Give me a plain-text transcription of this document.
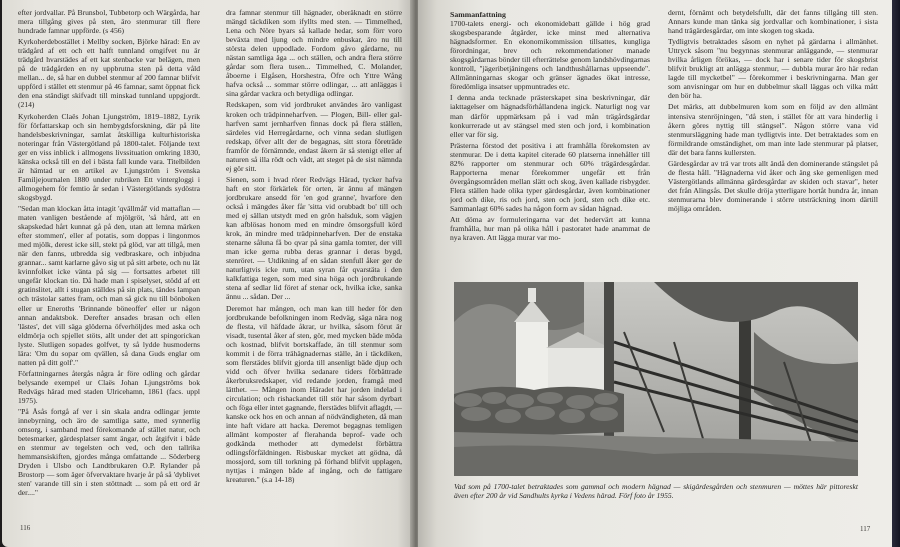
efter jordvallar. På Brunsbol, Tubbetorp och Wärgårda, har mera tillgång gives på sten, äro stenmurar till flere hundrade famnar uppförde. (s 456)

Kyrkoherdebostället i Mellby socken, Björke härad: En av trädgård af ett och ett halft tunnland omgifvet nu är trädgård hvarstädes af ett kat stenbacke var belägen, men på de trädgården en ny uppbrutna sten på detta våld mellan... de, så har en dubbel stenmur af 200 famnar blifvit uppförd i stället ett stenmur på 46 famnar, samt öppnat fick den ena ständigt skifvadt till minskad tunnland uppgjordt.(214)

Kyrkoherden Claës Johan Ljungström, 1819–1882, Lyrik för författarskap och sin hembygdsforskning, där på lite handelsbeskrivningar, samlat åtskilliga kulturhistoriska noteringar från Västergötland på 1800-talet. Följande text ger en viss inblick i allmogens livssituation omkring 1830, känska också till en del i bästa fall kunde vara. Titelbilden är hämtad ur en artikel av Ljungström i Svenska Familjejournalen 1880 under rubriken Ett vintergloggi i allmogehem för femtio år sedan i Västergötlands sydöstra skogsbygd.

"Sedan man klockan åtta intagit 'qvällmål' vid mattaflan — maten vanligen bestående af mjölgröt, 'så hård, att en skapskedad hårt kunnat gå på den, utan att lemna märken efter stommen', eller af potatis, som doppas i lingonmos med mjölk, derest icke sill, stekt på glöd, var att tillgå, men när den fanns, utbredda sig vedbraskare, och inbjudna grannar... samt karlarne gåvo sig ut på sitt arbete, och nu lät kvinnfolket icke vänta på sig — fortsattes arbetet till ungefär klockan tio. Då hade man i spiselyset, stödd af ett gratinslitet, allt i stugan ställdes på sin plats, tändes lampan och trästolar sattes fram, och man så gick nu till bönboken eller ur Eneroths 'Brinnande böneoffer' eller ur någon annan andaktsbok. Derefter ansades brasan och ellen 'lästes', det vill säga glöderna öfverhöljdes med aska och eldmörja och spjellet stöts, allt under det att spingorickan lyste. Slutligen sopades golfvet, ty så lydde husmoderns lära: 'Om du sopar om qvällen, så dana Guds englar om natten på ditt golf'."

Författningarnes återgås några år före odling och gårdar belysande exempel ur Claës Johan Ljungströms bok Redvägs härad med staden Ulricehamn, 1861 (facs. uppl 1975).

"På Åsås fortgå af ver i sin skala andra odlingar jemte innebyrning, och äro de samtliga satte, med synnerlig omsorg, i samband med förekomande af stället natur, och betesmarker, gärdesplatser samt ängar, och åtgifvit i både en stenmur av tegelsten och ved, och den tallrika hemmansiskiften, gjordes många omfattande ... Söderberg Dryden i Ulsbo och Landtbrukaren O.P. Rylander på Brostorp — som äger öfvervaktare hvarje år på så 'dyblivet sten' varande till sin i sten stöttnadt ... som på ett ord är der...."

dra famnar stenmur till hägnader, oberäknadt en större mängd täckdiken som ifyllts med sten. — Timmelhed, Lena och Nöre byars så kallade hedar, som förr voro beväxta med ljung och mindre enbuskar, äro nu till största delen uppodlade. Fordom gåvo gårdarne, nu nästan samtliga äga ... och ställen, och andra flera större gårdar som flera tusen... Timmelhed, C. Molander, åboerne i Elgåsen, Horshestra, Öfre och Yttre Wång hafva också ... sommar större odlingar, ... att anläggas i sina gårdar vackra och betydliga odlingar.

Redskapen, som vid jordbruket användes äro vanligast kroken och trädpinneharfven. — Plogen, Bill- eller gal- harfven samt jernharfven finnas dock på flera ställen, särdeles vid Herregårdarne, och vinna sedan slutligen redskap, öfver allt der de begagnas, sitt stora företräde framför de förnämnde, endast åkern är så stenigt eller af naturen så illa rödt och vådt, att steget på de sist nämnda ej gör sitt.

Sienen, som i hvad rörer Redvägs Härad, tycker hafva haft en stor förkärlek för orten, är ännu af mängen jordbrukare ansedd för 'en god granne', hvarfore den också i mängdes åker får 'sitta vid orubbadt bo' till och med ej sällan utstydt med en grön halsduk, som vägjen kan afblösas honom med en mindre ömsorgsfull körd krok, än mindre med trädpinneharfven. Der de enstaka stenarne såluna få bo qvar på sina gamla tomter, der vill man icke gerna rubba deras grannar i deras bygd, stenröret. — Utdikning af en sådan stenfull åker ger de naturligtvis icke rum, utan syran får qvarstäta i den kalkfattiga tegen, som med sina höga och jordbrukande stena af sedlar lid föret af stenar ock, hvilka icke, sanka ännu ... sådan. Der ...

Deremot har mången, och man kan till heder för den jordbrukande befolkningen inom Redväg, säga nära nog de flesta, vil häfdade åkrar, ur hvilka, såsom förut är visadt, tusental åker af sten, gör, med mycken bäde möda och kostnad, blifvit bortskaffade, än till stenmur som kommit i de förra trähägnadernas ställe, än i täckdiken, som flerstädes blifvit gjorda till ansenligt bäde djup och vidd och öfver hvilka sedanare tiders förbättrade åkerbruksredskaper, vid redande jorden, framgå med lätthet. — Mången inom Häradet har jorden indelad i circulation; och rishackandet till stör har såsom dyrbart och föga eller intet gagnande, flerstädes blifvit aflagdt, — kanske ock hos en och annan af nödvändigheten, då man inte haft vidare att hacka. Deremot begagnas temligen allmänt komposter af flerahanda beprof- vade och godkända methoder att dymedelst förbättra odlingsförfäldningen. Risbuskar mycket att gödna, då mossjord, som till torkning på förhand blifvit upplagen, nyttjas i mängen både af ingång, och de fattigare kreaturen." (s.a 14-18)

116
Sammanfattning

1700-talets energi- och ekonomidebatt gällde i hög grad skogsbesparande åtgärder, icke minst med alternativa hägnadsformer. En ekonomikommission tillsattes, kungliga förordningar, brev och rekommendationer manade skogsgårdarnas bönder till efterrättelse genom landshövdingarnas kontroll, "jägeribetjäningens och landthushållarnas uppseende". Allmänningarnas skogar och gränser ägnades ökat intresse, föredömliga insatser uppmuntrades etc.

I denna anda tecknade prästerskapet sina beskrivningar, där iakttagelser om hägnadsförhållandena ingick. Naturligt nog var man därför uppmärksam på i vad mån trägårdsgärdar konkurrerade ut av stängsel med sten och jord, i kombination eller var för sig.

Prästerna förstod det positiva i att framhålla förekomsten av stenmurar. De i detta kapitel citerade 60 platserna innehåller till 82% rapporter om stenmurar och 60% trägärdesgårdar. Rapporterna menar förekommer ungefär ett från övergångsområden mellan slätt och skog, även kallade risbygder. Flera ställen hade olika typer gärdesgårdar, även kombinationer jord och dike, ris och jord, sten och jord, sten och dike etc. Sammanlagt 60% sades ha någon form av sådan hägnad.

Att döma av formuleringarna var det hedervärt att kunna framhålla, hur man på olika håll i pastoratet hade anammat de nya kraven. Att lägga murar var mo-

dernt, förnämt och betydelsfullt, där det fanns tillgång till sten. Annars kunde man tänka sig jordvallar och kombinationer, i sista hand trägärdesgårdar, om inte skogen tog skada.

Tydligtvis betraktades såsom en nyhet på gärdarna i allmänhet. Uttryck såsom "nu begynnas stenmurar anläggande, — stenmurar hvilka årligen förökas, — dock har i senare tider för skogsbrist blifvit brukligt att anlägga stenmur, — dubbla murar äro här redan lagde till mycketbel" — förekommer i beskrivningarna. Man ger som anvisningar om hur en dubbelmur skall läggas och vilka mått den bör ha.

Det märks, att dubbelmuren kom som en följd av den allmänt intensiva stenröjningen, "då sten, i stället för att vara hinderlig i åkern göres nyttig till stängsel". Någon större vana vid stenmursläggning hade man tydligtvis inte. Det betraktades som en förmildrande omständighet, om man inte lade stenmurar på platser, där det bara fanns kullersten.

Gärdesgårdar av trä var trots allt ändå den dominerande stängslet på de flesta håll. "Hägnaderna vid åker och äng ske gemenligen med Västergötlands allmänna gärdesgårdar av skiden och stavar", heter det från Alingsås. Det skulle dröja ytterligare hortåt hundra år, innan stenmurarna blev dominerande i större utsträckning inom därtill möjliga områden.

Vad som på 1700-talet betraktades som gammal och modern hägnad — skigärdesgården och stenmuren — möttes här pittoreskt även efter 200 år vid Sandhults kyrka i Vedens härad. Förf foto år 1955.
117
